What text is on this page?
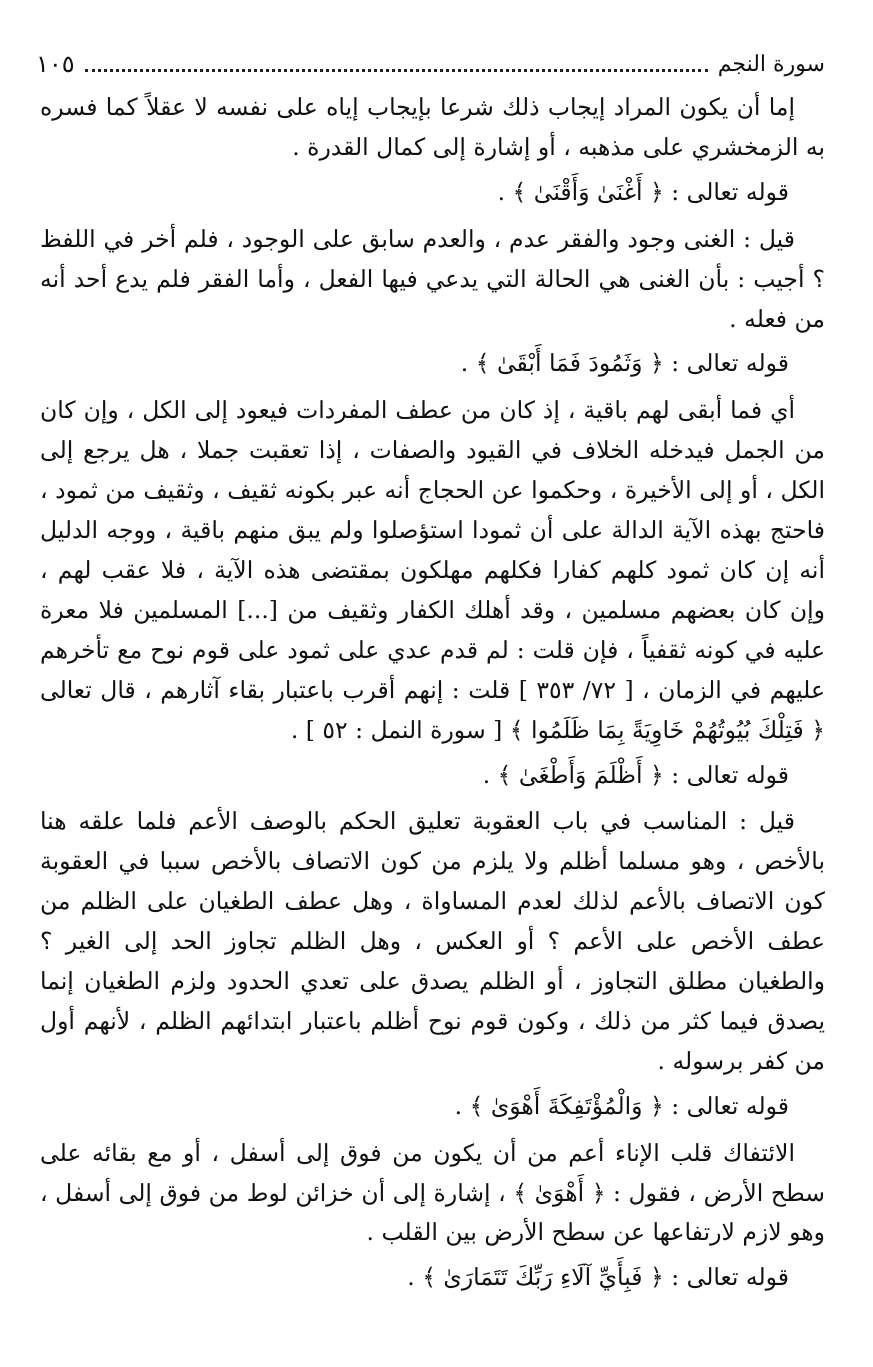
سورة النجم
١٠٥

إما أن يكون المراد إيجاب ذلك شرعا بإيجاب إياه على نفسه لا عقلاً كما فسره به الزمخشري على مذهبه ، أو إشارة إلى كمال القدرة .

قوله تعالى : ﴿ أَغْنَىٰ وَأَقْنَىٰ ﴾ .

قيل : الغنى وجود والفقر عدم ، والعدم سابق على الوجود ، فلم أخر في اللفظ ؟ أجيب : بأن الغنى هي الحالة التي يدعي فيها الفعل ، وأما الفقر فلم يدع أحد أنه من فعله .

قوله تعالى : ﴿ وَثَمُودَ فَمَا أَبْقَىٰ ﴾ .

أي فما أبقى لهم باقية ، إذ كان من عطف المفردات فيعود إلى الكل ، وإن كان من الجمل فيدخله الخلاف في القيود والصفات ، إذا تعقبت جملا ، هل يرجع إلى الكل ، أو إلى الأخيرة ، وحكموا عن الحجاج أنه عبر بكونه ثقيف ، وثقيف من ثمود ، فاحتج بهذه الآية الدالة على أن ثمودا استؤصلوا ولم يبق منهم باقية ، ووجه الدليل أنه إن كان ثمود كلهم كفارا فكلهم مهلكون بمقتضى هذه الآية ، فلا عقب لهم ، وإن كان بعضهم مسلمين ، وقد أهلك الكفار وثقيف من [...] المسلمين فلا معرة عليه في كونه ثقفياً ، فإن قلت : لم قدم عدي على ثمود على قوم نوح مع تأخرهم عليهم في الزمان ، [ ٧٢/ ٣٥٣ ] قلت : إنهم أقرب باعتبار بقاء آثارهم ، قال تعالى ﴿ فَتِلْكَ بُيُوتُهُمْ خَاوِيَةً بِمَا ظَلَمُوا ﴾ [ سورة النمل : ٥٢ ] .

قوله تعالى : ﴿ أَظْلَمَ وَأَطْغَىٰ ﴾ .

قيل : المناسب في باب العقوبة تعليق الحكم بالوصف الأعم فلما علقه هنا بالأخص ، وهو مسلما أظلم ولا يلزم من كون الاتصاف بالأخص سببا في العقوبة كون الاتصاف بالأعم لذلك لعدم المساواة ، وهل عطف الطغيان على الظلم من عطف الأخص على الأعم ؟ أو العكس ، وهل الظلم تجاوز الحد إلى الغير ؟ والطغيان مطلق التجاوز ، أو الظلم يصدق على تعدي الحدود ولزم الطغيان إنما يصدق فيما كثر من ذلك ، وكون قوم نوح أظلم باعتبار ابتدائهم الظلم ، لأنهم أول من كفر برسوله .

قوله تعالى : ﴿ وَالْمُؤْتَفِكَةَ أَهْوَىٰ ﴾ .

الائتفاك قلب الإناء أعم من أن يكون من فوق إلى أسفل ، أو مع بقائه على سطح الأرض ، فقول : ﴿ أَهْوَىٰ ﴾ ، إشارة إلى أن خزائن لوط من فوق إلى أسفل ، وهو لازم لارتفاعها عن سطح الأرض بين القلب .

قوله تعالى : ﴿ فَبِأَيِّ آلَاءِ رَبِّكَ تَتَمَارَىٰ ﴾ .
